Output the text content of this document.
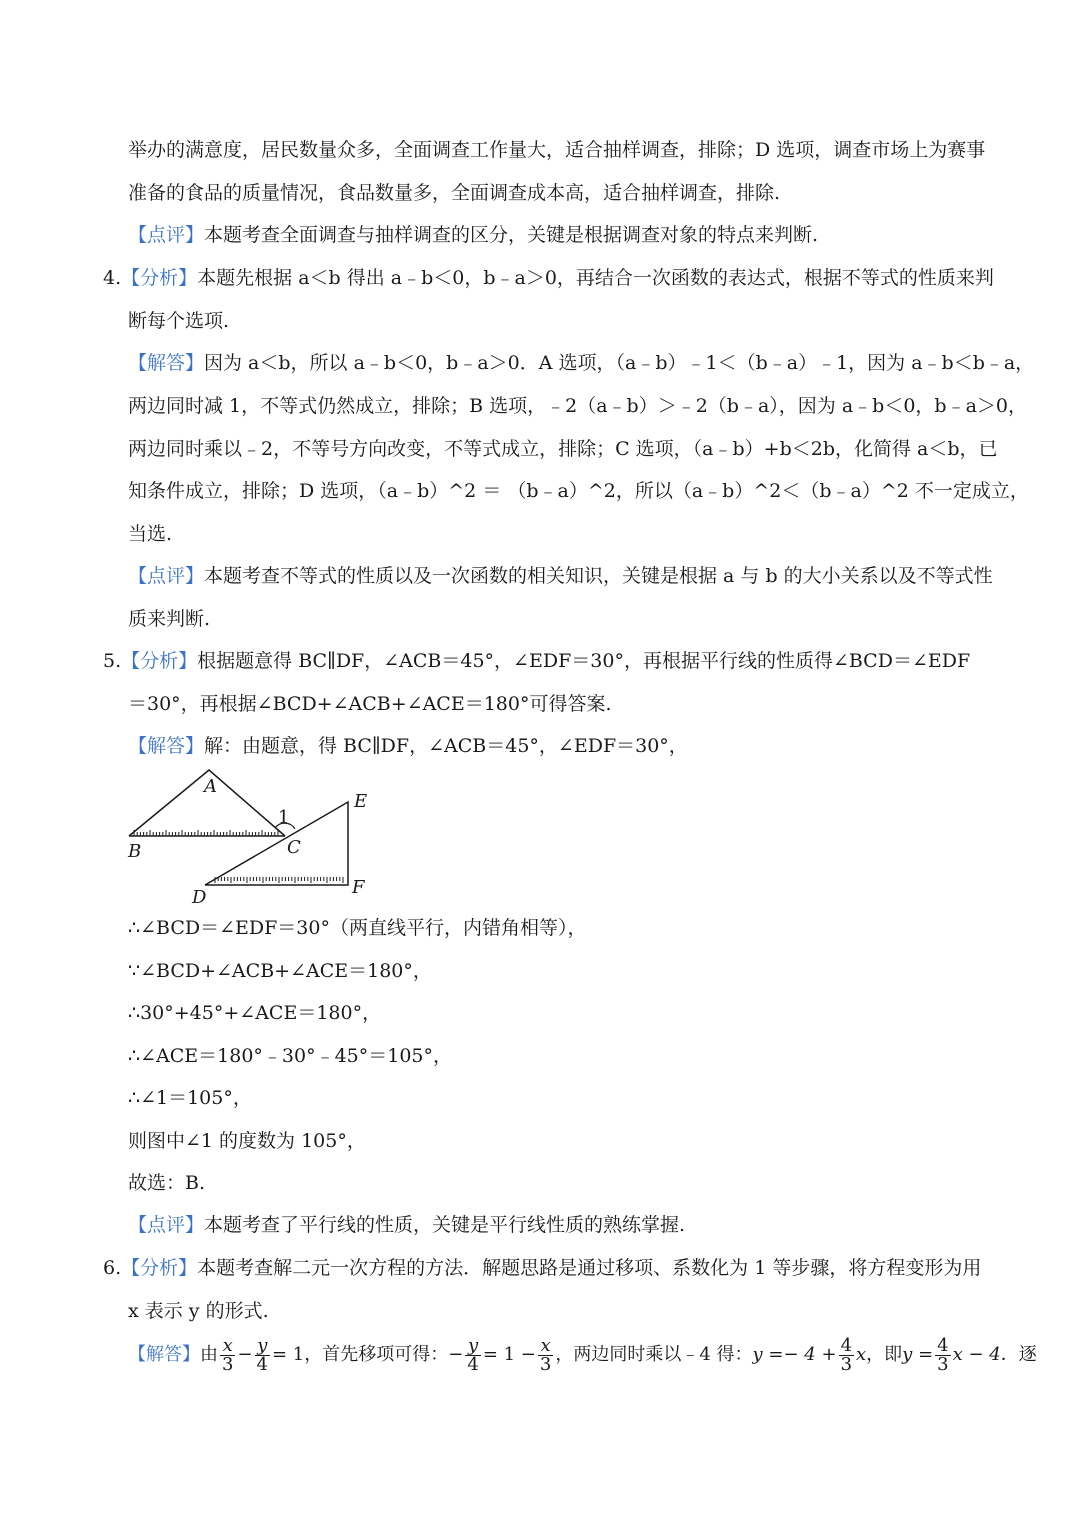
举办的满意度，居民数量众多，全面调查工作量大，适合抽样调查，排除；D 选项，调查市场上为赛事
准备的食品的质量情况，食品数量多，全面调查成本高，适合抽样调查，排除.
【点评】本题考查全面调查与抽样调查的区分，关键是根据调查对象的特点来判断.
4.【分析】本题先根据 a＜b 得出 a﹣b＜0，b﹣a＞0，再结合一次函数的表达式，根据不等式的性质来判
断每个选项.
【解答】因为 a＜b，所以 a﹣b＜0，b﹣a＞0．A 选项，（a﹣b）﹣1＜（b﹣a）﹣1，因为 a﹣b＜b﹣a，
两边同时减 1，不等式仍然成立，排除；B 选项，﹣2（a﹣b）＞﹣2（b﹣a），因为 a﹣b＜0，b﹣a＞0，
两边同时乘以﹣2，不等号方向改变，不等式成立，排除；C 选项，（a﹣b）+b＜2b，化简得 a＜b，已
知条件成立，排除；D 选项，（a﹣b）^2 ＝ （b﹣a）^2，所以（a﹣b）^2＜（b﹣a）^2 不一定成立，
当选.
【点评】本题考查不等式的性质以及一次函数的相关知识，关键是根据 a 与 b 的大小关系以及不等式性
质来判断.
5.【分析】根据题意得 BC∥DF，∠ACB＝45°，∠EDF＝30°，再根据平行线的性质得∠BCD＝∠EDF
＝30°，再根据∠BCD+∠ACB+∠ACE＝180°可得答案.
【解答】解：由题意，得 BC∥DF，∠ACB＝45°，∠EDF＝30°，
A
B	C
D
E
F
1
∴∠BCD＝∠EDF＝30°（两直线平行，内错角相等），
∵∠BCD+∠ACB+∠ACE＝180°，
∴30°+45°+∠ACE＝180°，
∴∠ACE＝180°﹣30°﹣45°＝105°，
∴∠1＝105°，
则图中∠1 的度数为 105°，
故选：B.
【点评】本题考查了平行线的性质，关键是平行线性质的熟练掌握.
6.【分析】本题考查解二元一次方程的方法．解题思路是通过移项、系数化为 1 等步骤，将方程变形为用
x 表示 y 的形式.
【解答】由 $\frac{x}{3} - \frac{y}{4} = 1$，首先移项可得：− $\frac{y}{4} = 1 - \frac{x}{3}$ ，两边同时乘以﹣4 得：$y =- 4 + \frac{4}{3}$ x，即$y = \frac{4}{3}$ x − 4．逐
